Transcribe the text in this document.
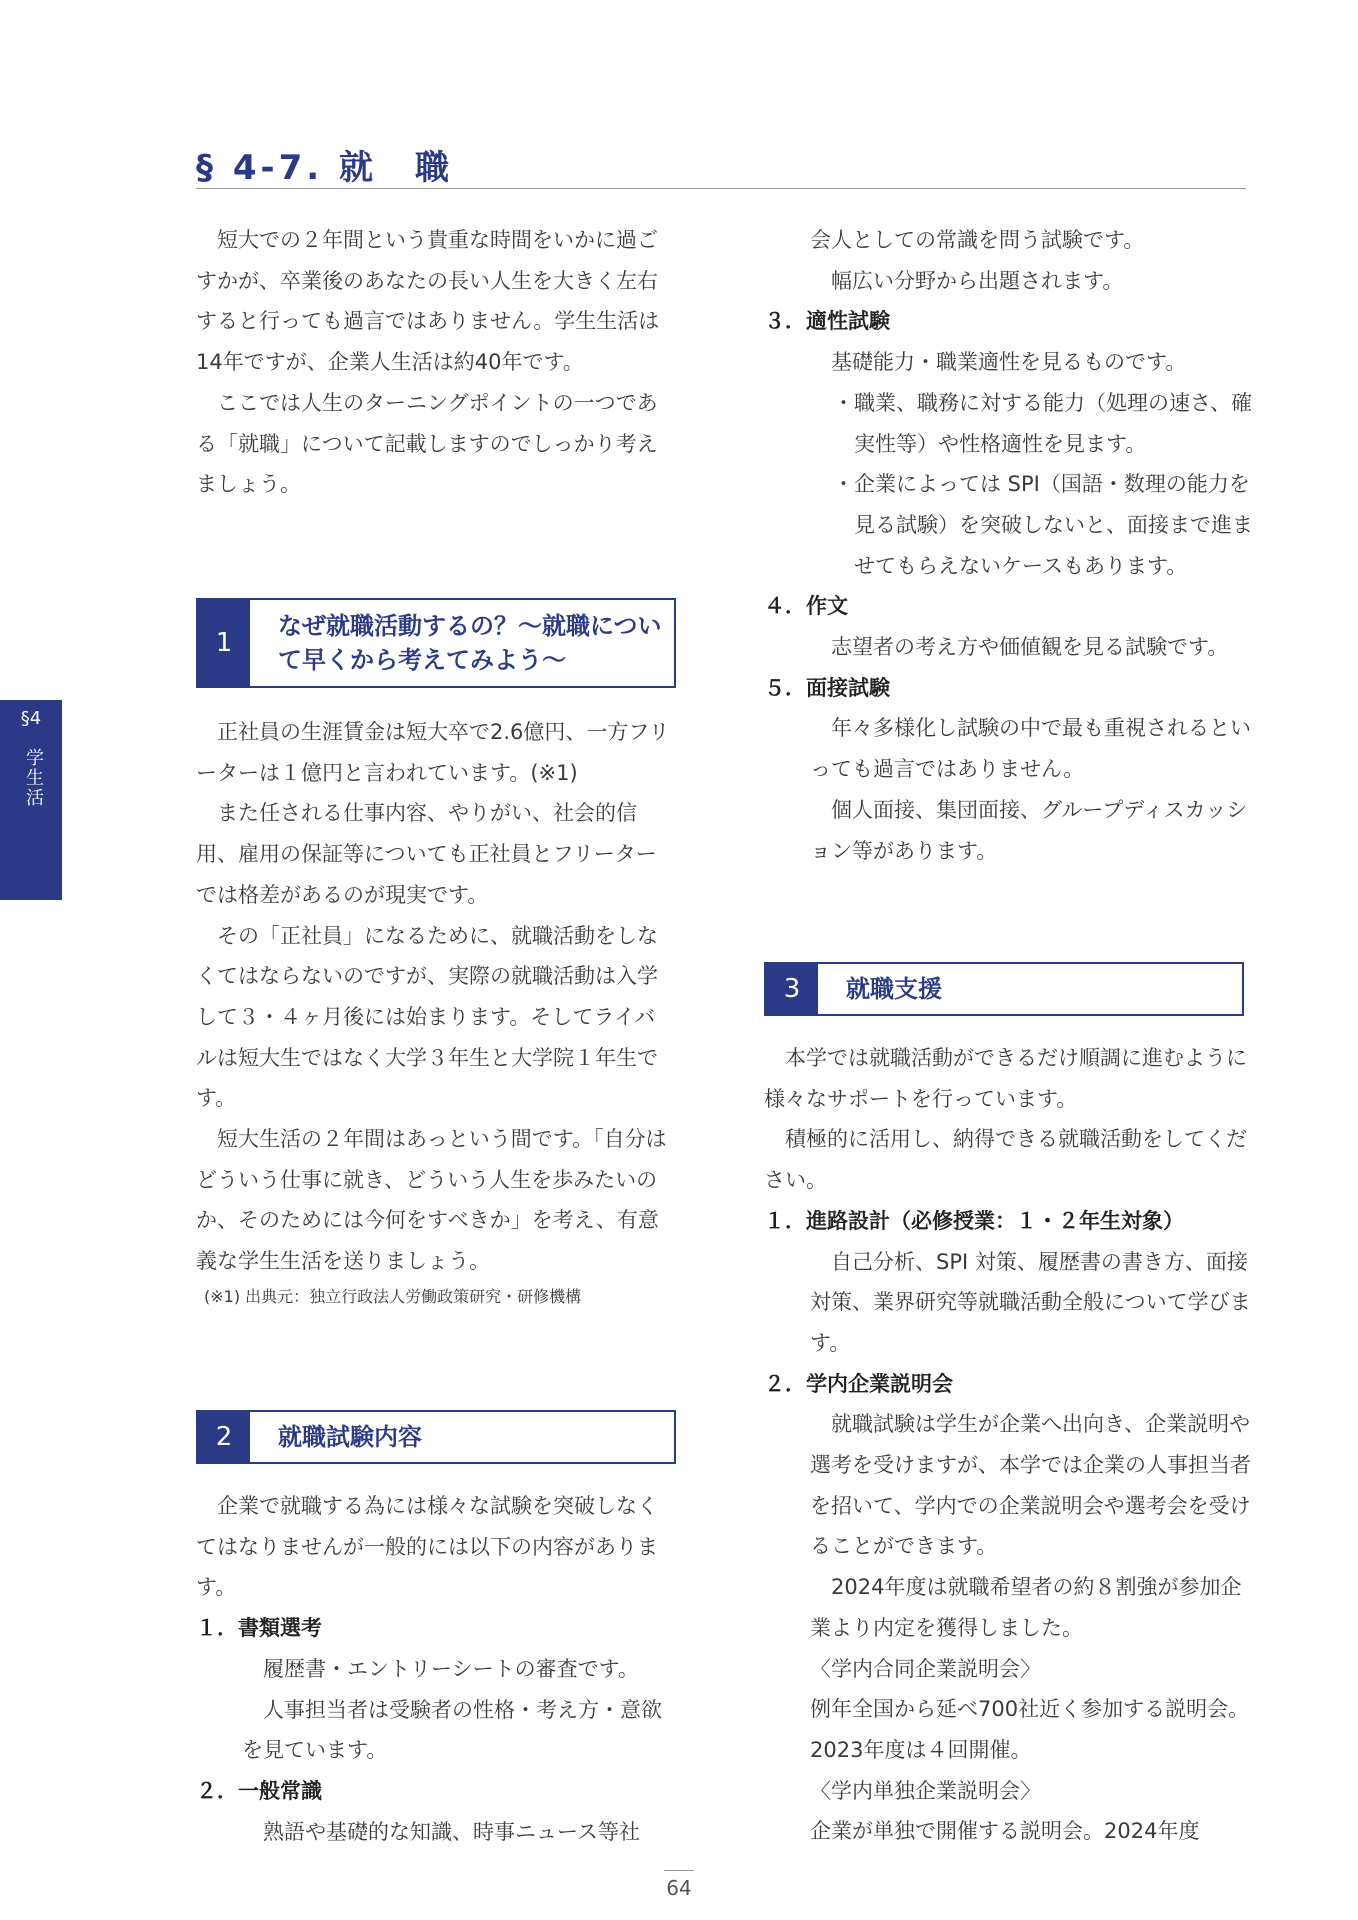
§ 4-7. 就　職
§4
学生活

短大での２年間という貴重な時間をいかに過ごすかが、卒業後のあなたの長い人生を大きく左右すると行っても過言ではありません。学生生活は14年ですが、企業人生活は約40年です。

ここでは人生のターニングポイントの一つである「就職」について記載しますのでしっかり考えましょう。

1
なぜ就職活動するの？〜就職について早くから考えてみよう〜

正社員の生涯賃金は短大卒で2.6億円、一方フリーターは１億円と言われています。(※1)

また任される仕事内容、やりがい、社会的信用、雇用の保証等についても正社員とフリーターでは格差があるのが現実です。

その「正社員」になるために、就職活動をしなくてはならないのですが、実際の就職活動は入学して３・４ヶ月後には始まります。そしてライバルは短大生ではなく大学３年生と大学院１年生です。

短大生活の２年間はあっという間です。「自分はどういう仕事に就き、どういう人生を歩みたいのか、そのためには今何をすべきか」を考え、有意義な学生生活を送りましょう。

(※1) 出典元：独立行政法人労働政策研究・研修機構

2	就職試験内容

企業で就職する為には様々な試験を突破しなくてはなりませんが一般的には以下の内容があります。

１．書類選考

履歴書・エントリーシートの審査です。

人事担当者は受験者の性格・考え方・意欲を見ています。

２．一般常識

熟語や基礎的な知識、時事ニュース等社

会人としての常識を問う試験です。

幅広い分野から出題されます。

３．適性試験

基礎能力・職業適性を見るものです。

・職業、職務に対する能力（処理の速さ、確実性等）や性格適性を見ます。

・企業によっては SPI（国語・数理の能力を見る試験）を突破しないと、面接まで進ませてもらえないケースもあります。

４．作文

志望者の考え方や価値観を見る試験です。

５．面接試験

年々多様化し試験の中で最も重視されるといっても過言ではありません。

個人面接、集団面接、グループディスカッション等があります。

3	就職支援

本学では就職活動ができるだけ順調に進むように様々なサポートを行っています。

積極的に活用し、納得できる就職活動をしてください。

１．進路設計（必修授業：１・２年生対象）

自己分析、SPI 対策、履歴書の書き方、面接対策、業界研究等就職活動全般について学びます。

２．学内企業説明会

就職試験は学生が企業へ出向き、企業説明や選考を受けますが、本学では企業の人事担当者を招いて、学内での企業説明会や選考会を受けることができます。

2024年度は就職希望者の約８割強が参加企業より内定を獲得しました。

〈学内合同企業説明会〉

例年全国から延べ700社近く参加する説明会。2023年度は４回開催。

〈学内単独企業説明会〉

企業が単独で開催する説明会。2024年度

64
